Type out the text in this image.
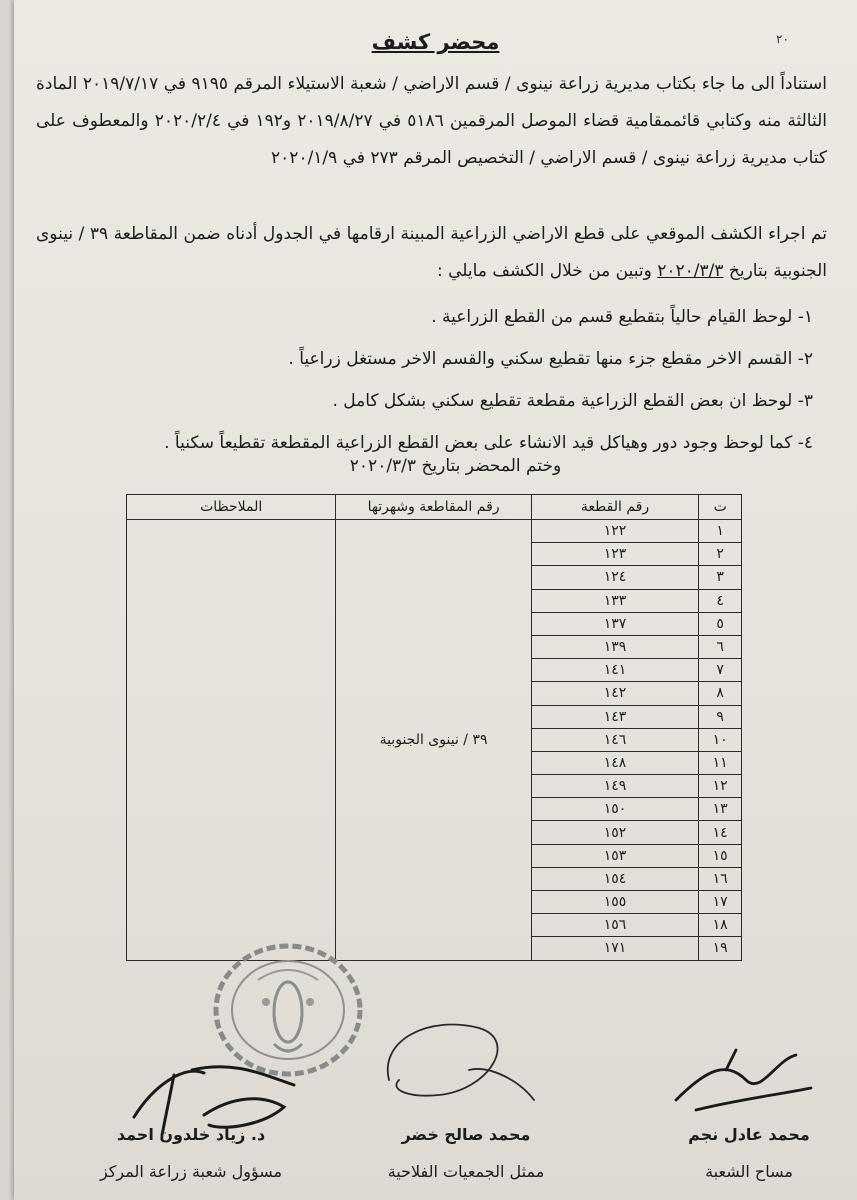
٢٠
محضر كشف
استناداً الى ما جاء بكتاب مديرية زراعة نينوى / قسم الاراضي / شعبة الاستيلاء المرقم ٩١٩٥ في ٢٠١٩/٧/١٧ المادة الثالثة منه وكتابي قائممقامية قضاء الموصل المرقمين ٥١٨٦ في ٢٠١٩/٨/٢٧ و١٩٢ في ٢٠٢٠/٢/٤ والمعطوف على كتاب مديرية زراعة نينوى / قسم الاراضي / التخصيص المرقم ٢٧٣ في ٢٠٢٠/١/٩
تم اجراء الكشف الموقعي على قطع الاراضي الزراعية المبينة ارقامها في الجدول أدناه ضمن المقاطعة ٣٩ / نينوى الجنوبية بتاريخ ٢٠٢٠/٣/٣ وتبين من خلال الكشف مايلي :
١- لوحظ القيام حالياً بتقطيع قسم من القطع الزراعية .
٢- القسم الاخر مقطع جزء منها تقطيع سكني والقسم الاخر مستغل زراعياً .
٣- لوحظ ان بعض القطع الزراعية مقطعة تقطيع سكني بشكل كامل .
٤- كما لوحظ وجود دور وهياكل قيد الانشاء على بعض القطع الزراعية المقطعة تقطيعاً سكنياً .
وختم المحضر بتاريخ ٢٠٢٠/٣/٣
ت	رقم القطعة	رقم المقاطعة وشهرتها	الملاحظات
١	١٢٢	٣٩ / نينوى الجنوبية	
٢	١٢٣		
٣	١٢٤		
٤	١٣٣		
٥	١٣٧		
٦	١٣٩		
٧	١٤١		
٨	١٤٢		
٩	١٤٣		
١٠	١٤٦		
١١	١٤٨		
١٢	١٤٩		
١٣	١٥٠		
١٤	١٥٢		
١٥	١٥٣		
١٦	١٥٤		
١٧	١٥٥		
١٨	١٥٦		
١٩	١٧١		
د. زياد خلدون احمد
مسؤول شعبة زراعة المركز
محمد صالح خضر
ممثل الجمعيات الفلاحية
محمد عادل نجم
مساح الشعبة
